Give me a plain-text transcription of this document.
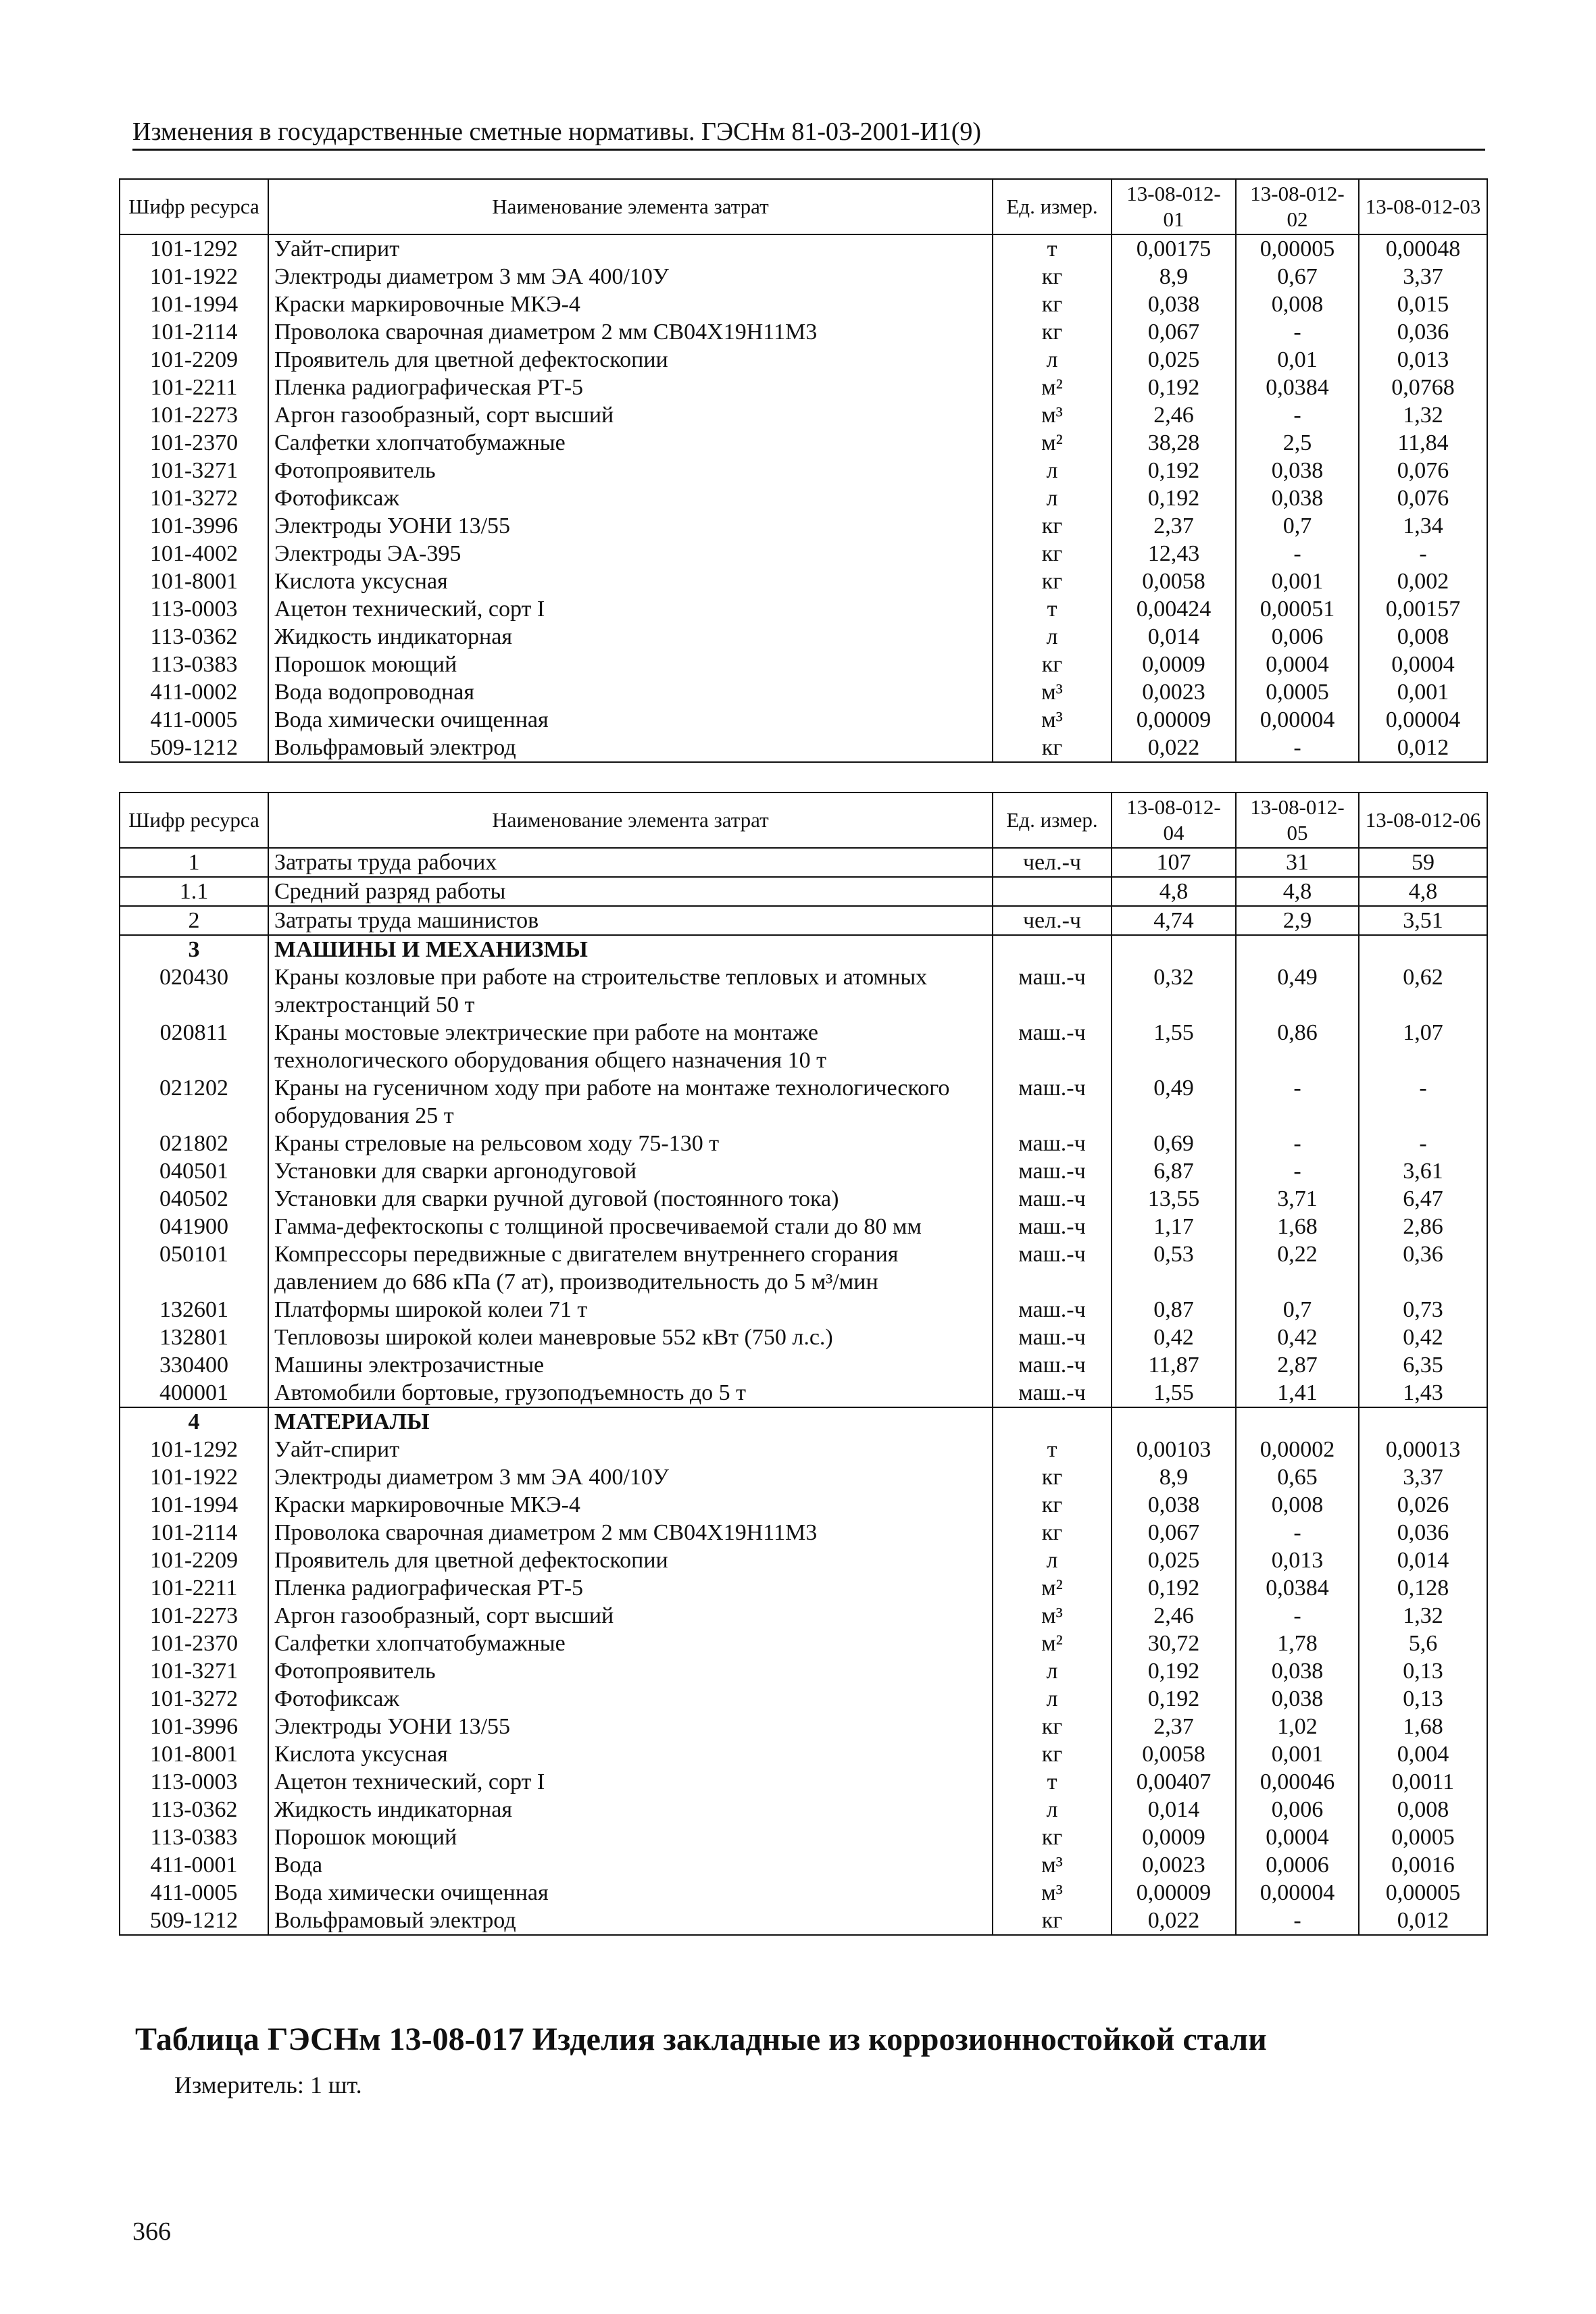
Изменения в государственные сметные нормативы. ГЭСНм 81-03-2001-И1(9)
Шифр ресурса	Наименование элемента затрат	Ед. измер.	13-08-012-01	13-08-012-02	13-08-012-03
101-1292	Уайт-спирит	т	0,00175	0,00005	0,00048
101-1922	Электроды диаметром 3 мм ЭА 400/10У	кг	8,9	0,67	3,37
101-1994	Краски маркировочные МКЭ-4	кг	0,038	0,008	0,015
101-2114	Проволока сварочная диаметром 2 мм СВ04Х19Н11М3	кг	0,067	-	0,036
101-2209	Проявитель для цветной дефектоскопии	л	0,025	0,01	0,013
101-2211	Пленка радиографическая РТ-5	м²	0,192	0,0384	0,0768
101-2273	Аргон газообразный, сорт высший	м³	2,46	-	1,32
101-2370	Салфетки хлопчатобумажные	м²	38,28	2,5	11,84
101-3271	Фотопроявитель	л	0,192	0,038	0,076
101-3272	Фотофиксаж	л	0,192	0,038	0,076
101-3996	Электроды УОНИ 13/55	кг	2,37	0,7	1,34
101-4002	Электроды ЭА-395	кг	12,43	-	-
101-8001	Кислота уксусная	кг	0,0058	0,001	0,002
113-0003	Ацетон технический, сорт I	т	0,00424	0,00051	0,00157
113-0362	Жидкость индикаторная	л	0,014	0,006	0,008
113-0383	Порошок моющий	кг	0,0009	0,0004	0,0004
411-0002	Вода водопроводная	м³	0,0023	0,0005	0,001
411-0005	Вода химически очищенная	м³	0,00009	0,00004	0,00004
509-1212	Вольфрамовый электрод	кг	0,022	-	0,012
Шифр ресурса	Наименование элемента затрат	Ед. измер.	13-08-012-04	13-08-012-05	13-08-012-06
1	Затраты труда рабочих	чел.-ч	107	31	59
1.1	Средний разряд работы		4,8	4,8	4,8
2	Затраты труда машинистов	чел.-ч	4,74	2,9	3,51
3	МАШИНЫ И МЕХАНИЗМЫ				
020430	Краны козловые при работе на строительстве тепловых и атомных электростанций 50 т	маш.-ч	0,32	0,49	0,62
020811	Краны мостовые электрические при работе на монтаже технологического оборудования общего назначения 10 т	маш.-ч	1,55	0,86	1,07
021202	Краны на гусеничном ходу при работе на монтаже технологического оборудования 25 т	маш.-ч	0,49	-	-
021802	Краны стреловые на рельсовом ходу 75-130 т	маш.-ч	0,69	-	-
040501	Установки для сварки аргонодуговой	маш.-ч	6,87	-	3,61
040502	Установки для сварки ручной дуговой (постоянного тока)	маш.-ч	13,55	3,71	6,47
041900	Гамма-дефектоскопы с толщиной просвечиваемой стали до 80 мм	маш.-ч	1,17	1,68	2,86
050101	Компрессоры передвижные с двигателем внутреннего сгорания давлением до 686 кПа (7 ат), производительность до 5 м³/мин	маш.-ч	0,53	0,22	0,36
132601	Платформы широкой колеи 71 т	маш.-ч	0,87	0,7	0,73
132801	Тепловозы широкой колеи маневровые 552 кВт (750 л.с.)	маш.-ч	0,42	0,42	0,42
330400	Машины электрозачистные	маш.-ч	11,87	2,87	6,35
400001	Автомобили бортовые, грузоподъемность до 5 т	маш.-ч	1,55	1,41	1,43
4	МАТЕРИАЛЫ				
101-1292	Уайт-спирит	т	0,00103	0,00002	0,00013
101-1922	Электроды диаметром 3 мм ЭА 400/10У	кг	8,9	0,65	3,37
101-1994	Краски маркировочные МКЭ-4	кг	0,038	0,008	0,026
101-2114	Проволока сварочная диаметром 2 мм СВ04Х19Н11М3	кг	0,067	-	0,036
101-2209	Проявитель для цветной дефектоскопии	л	0,025	0,013	0,014
101-2211	Пленка радиографическая РТ-5	м²	0,192	0,0384	0,128
101-2273	Аргон газообразный, сорт высший	м³	2,46	-	1,32
101-2370	Салфетки хлопчатобумажные	м²	30,72	1,78	5,6
101-3271	Фотопроявитель	л	0,192	0,038	0,13
101-3272	Фотофиксаж	л	0,192	0,038	0,13
101-3996	Электроды УОНИ 13/55	кг	2,37	1,02	1,68
101-8001	Кислота уксусная	кг	0,0058	0,001	0,004
113-0003	Ацетон технический, сорт I	т	0,00407	0,00046	0,0011
113-0362	Жидкость индикаторная	л	0,014	0,006	0,008
113-0383	Порошок моющий	кг	0,0009	0,0004	0,0005
411-0001	Вода	м³	0,0023	0,0006	0,0016
411-0005	Вода химически очищенная	м³	0,00009	0,00004	0,00005
509-1212	Вольфрамовый электрод	кг	0,022	-	0,012
Таблица ГЭСНм 13-08-017 Изделия закладные из коррозионностойкой стали
Измеритель: 1 шт.
366
